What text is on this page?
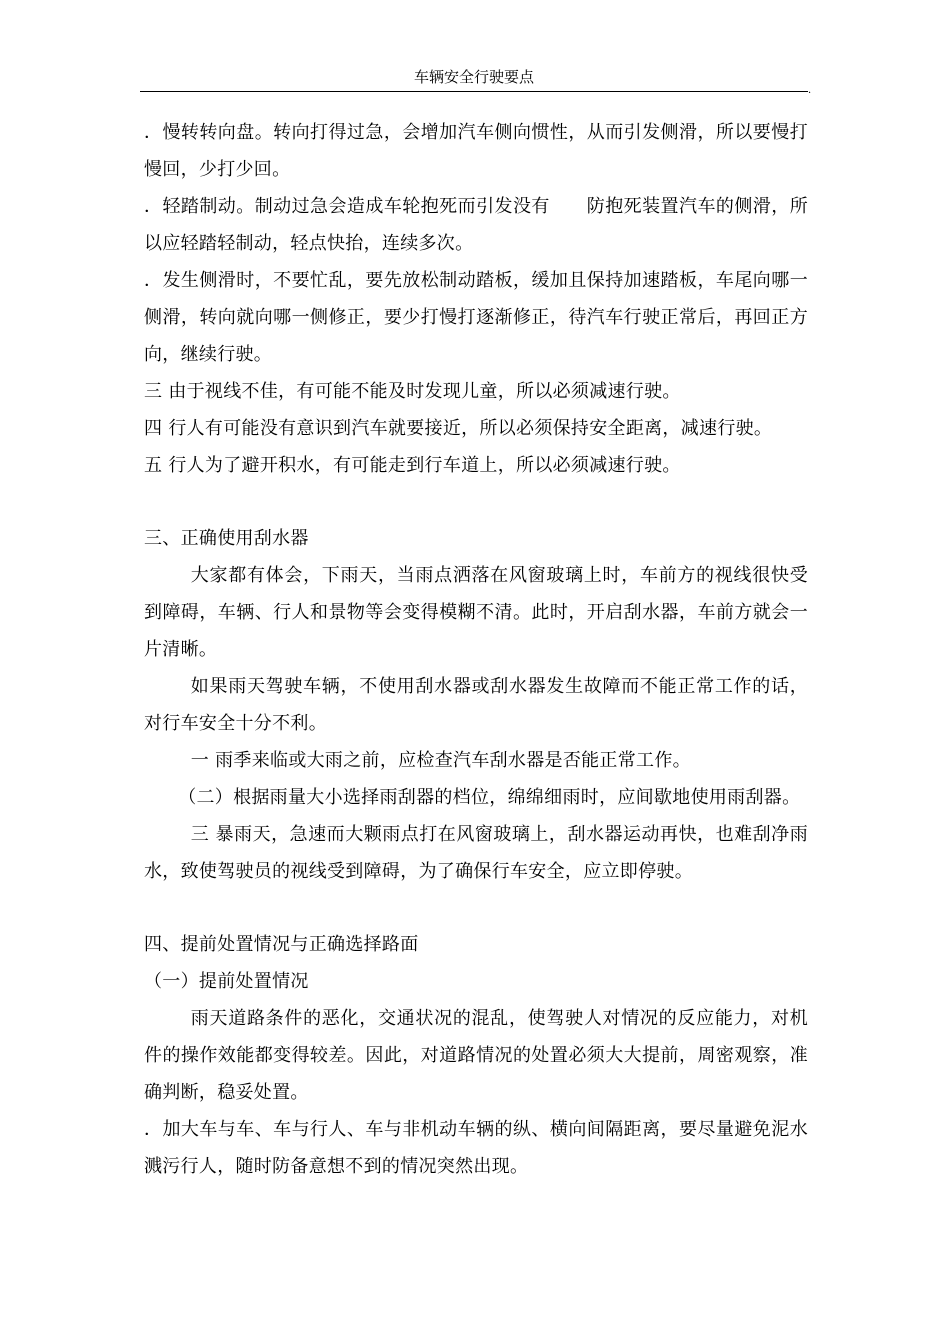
车辆安全行驶要点
.

．慢转转向盘。转向打得过急，会增加汽车侧向惯性，从而引发侧滑，所以要慢打慢回，少打少回。

．轻踏制动。制动过急会造成车轮抱死而引发没有　　防抱死装置汽车的侧滑，所以应轻踏轻制动，轻点快抬，连续多次。

．发生侧滑时，不要忙乱，要先放松制动踏板，缓加且保持加速踏板，车尾向哪一侧滑，转向就向哪一侧修正，要少打慢打逐渐修正，待汽车行驶正常后，再回正方向，继续行驶。

三 由于视线不佳，有可能不能及时发现儿童，所以必须减速行驶。

四 行人有可能没有意识到汽车就要接近，所以必须保持安全距离，减速行驶。

五 行人为了避开积水，有可能走到行车道上，所以必须减速行驶。

三、正确使用刮水器

大家都有体会，下雨天，当雨点洒落在风窗玻璃上时，车前方的视线很快受到障碍，车辆、行人和景物等会变得模糊不清。此时，开启刮水器，车前方就会一片清晰。

如果雨天驾驶车辆，不使用刮水器或刮水器发生故障而不能正常工作的话，对行车安全十分不利。

一 雨季来临或大雨之前，应检查汽车刮水器是否能正常工作。

（二）根据雨量大小选择雨刮器的档位，绵绵细雨时，应间歇地使用雨刮器。

三 暴雨天，急速而大颗雨点打在风窗玻璃上，刮水器运动再快，也难刮净雨水，致使驾驶员的视线受到障碍，为了确保行车安全，应立即停驶。

四、提前处置情况与正确选择路面

（一）提前处置情况

雨天道路条件的恶化，交通状况的混乱，使驾驶人对情况的反应能力，对机件的操作效能都变得较差。因此，对道路情况的处置必须大大提前，周密观察，准确判断，稳妥处置。

．加大车与车、车与行人、车与非机动车辆的纵、横向间隔距离，要尽量避免泥水溅污行人，随时防备意想不到的情况突然出现。
